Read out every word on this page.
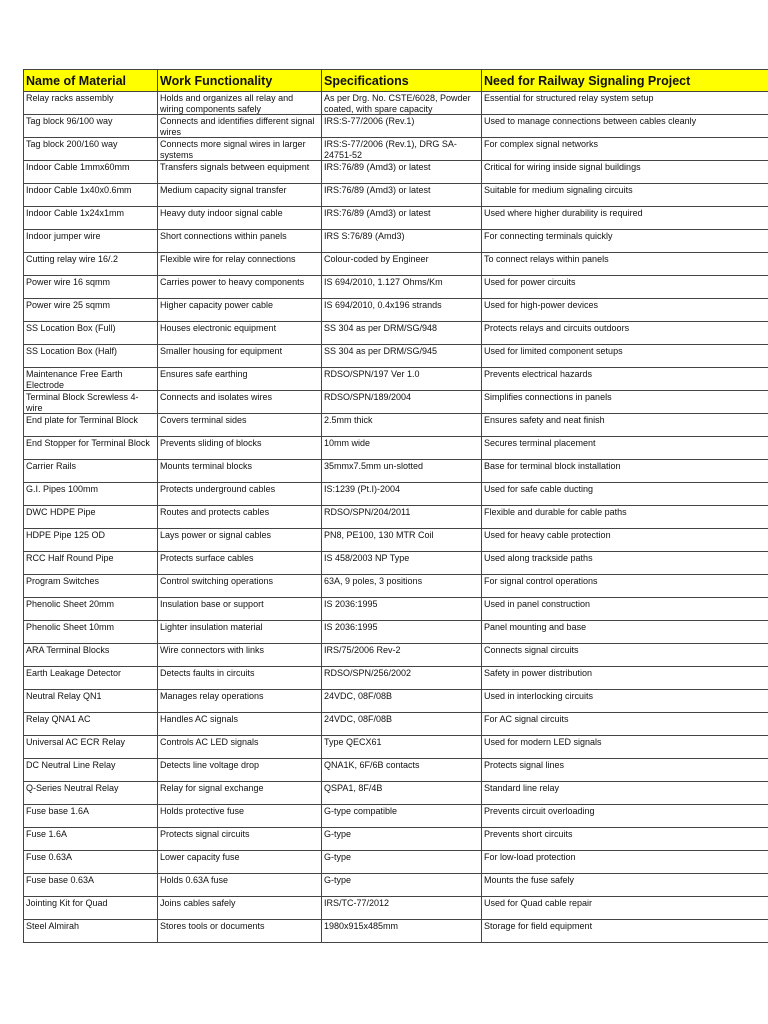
Name of Material	Work Functionality	Specifications	Need for Railway Signaling Project

Relay racks assembly	Holds and organizes all relay and wiring components safely	As per Drg. No. CSTE/6028, Powder coated, with spare capacity	Essential for structured relay system setup

Tag block 96/100 way	Connects and identifies different signal wires	IRS:S-77/2006 (Rev.1)	Used to manage connections between cables cleanly

Tag block 200/160 way	Connects more signal wires in larger systems	IRS:S-77/2006 (Rev.1), DRG SA-24751-52	For complex signal networks

Indoor Cable 1mmx60mm	Transfers signals between equipment	IRS:76/89 (Amd3) or latest	Critical for wiring inside signal buildings

Indoor Cable 1x40x0.6mm	Medium capacity signal transfer	IRS:76/89 (Amd3) or latest	Suitable for medium signaling circuits

Indoor Cable 1x24x1mm	Heavy duty indoor signal cable	IRS:76/89 (Amd3) or latest	Used where higher durability is required

Indoor jumper wire	Short connections within panels	IRS S:76/89 (Amd3)	For connecting terminals quickly

Cutting relay wire 16/.2	Flexible wire for relay connections	Colour-coded by Engineer	To connect relays within panels

Power wire 16 sqmm	Carries power to heavy components	IS 694/2010, 1.127 Ohms/Km	Used for power circuits

Power wire 25 sqmm	Higher capacity power cable	IS 694/2010, 0.4x196 strands	Used for high-power devices

SS Location Box (Full)	Houses electronic equipment	SS 304 as per DRM/SG/948	Protects relays and circuits outdoors

SS Location Box (Half)	Smaller housing for equipment	SS 304 as per DRM/SG/945	Used for limited component setups

Maintenance Free Earth Electrode	Ensures safe earthing	RDSO/SPN/197 Ver 1.0	Prevents electrical hazards

Terminal Block Screwless 4-wire	Connects and isolates wires	RDSO/SPN/189/2004	Simplifies connections in panels

End plate for Terminal Block	Covers terminal sides	2.5mm thick	Ensures safety and neat finish

End Stopper for Terminal Block	Prevents sliding of blocks	10mm wide	Secures terminal placement

Carrier Rails	Mounts terminal blocks	35mmx7.5mm un-slotted	Base for terminal block installation

G.I. Pipes 100mm	Protects underground cables	IS:1239 (Pt.I)-2004	Used for safe cable ducting

DWC HDPE Pipe	Routes and protects cables	RDSO/SPN/204/2011	Flexible and durable for cable paths

HDPE Pipe 125 OD	Lays power or signal cables	PN8, PE100, 130 MTR Coil	Used for heavy cable protection

RCC Half Round Pipe	Protects surface cables	IS 458/2003 NP Type	Used along trackside paths

Program Switches	Control switching operations	63A, 9 poles, 3 positions	For signal control operations

Phenolic Sheet 20mm	Insulation base or support	IS 2036:1995	Used in panel construction

Phenolic Sheet 10mm	Lighter insulation material	IS 2036:1995	Panel mounting and base

ARA Terminal Blocks	Wire connectors with links	IRS/75/2006 Rev-2	Connects signal circuits

Earth Leakage Detector	Detects faults in circuits	RDSO/SPN/256/2002	Safety in power distribution

Neutral Relay QN1	Manages relay operations	24VDC, 08F/08B	Used in interlocking circuits

Relay QNA1 AC	Handles AC signals	24VDC, 08F/08B	For AC signal circuits

Universal AC ECR Relay	Controls AC LED signals	Type QECX61	Used for modern LED signals

DC Neutral Line Relay	Detects line voltage drop	QNA1K, 6F/6B contacts	Protects signal lines

Q-Series Neutral Relay	Relay for signal exchange	QSPA1, 8F/4B	Standard line relay

Fuse base 1.6A	Holds protective fuse	G-type compatible	Prevents circuit overloading

Fuse 1.6A	Protects signal circuits	G-type	Prevents short circuits

Fuse 0.63A	Lower capacity fuse	G-type	For low-load protection

Fuse base 0.63A	Holds 0.63A fuse	G-type	Mounts the fuse safely

Jointing Kit for Quad	Joins cables safely	IRS/TC-77/2012	Used for Quad cable repair

Steel Almirah	Stores tools or documents	1980x915x485mm	Storage for field equipment
